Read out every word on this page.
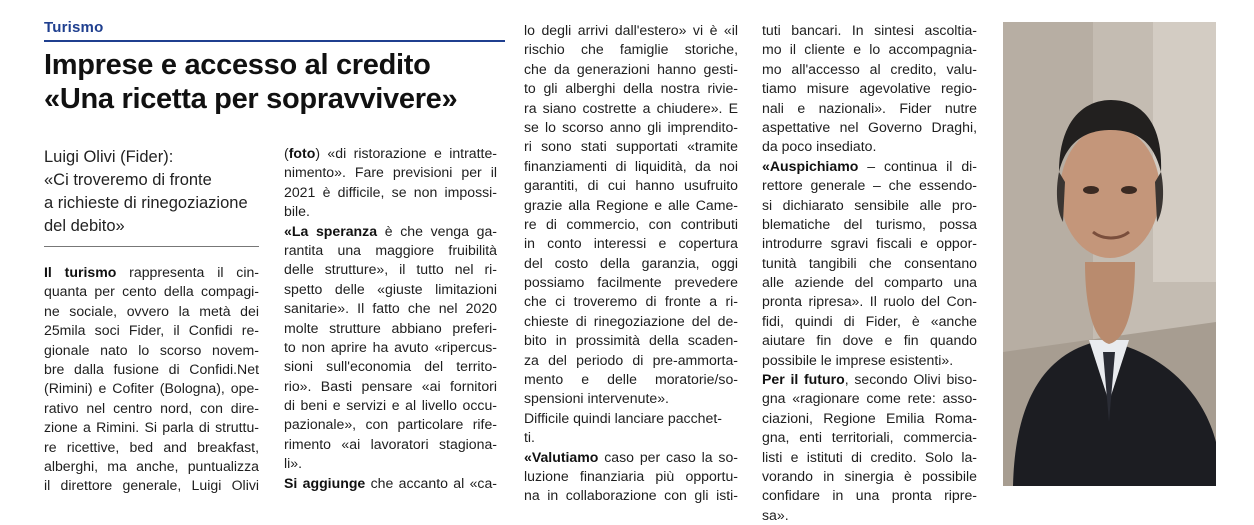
Turismo
Imprese e accesso al credito
«Una ricetta per sopravvivere»
Luigi Olivi (Fider):
«Ci troveremo di fronte
a richieste di rinegoziazione
del debito»
Il turismo rappresenta il cin-
quanta per cento della compagi-
ne sociale, ovvero la metà dei
25mila soci Fider, il Confidi re-
gionale nato lo scorso novem-
bre dalla fusione di Confidi.Net
(Rimini) e Cofiter (Bologna), ope-
rativo nel centro nord, con dire-
zione a Rimini. Si parla di struttu-
re ricettive, bed and breakfast,
alberghi, ma anche, puntualizza
il direttore generale, Luigi Olivi
(foto) «di ristorazione e intratte-
nimento». Fare previsioni per il
2021 è difficile, se non impossi-
bile.
«La speranza è che venga ga-
rantita una maggiore fruibilità
delle strutture», il tutto nel ri-
spetto delle «giuste limitazioni
sanitarie». Il fatto che nel 2020
molte strutture abbiano preferi-
to non aprire ha avuto «ripercus-
sioni sull'economia del territo-
rio». Basti pensare «ai fornitori
di beni e servizi e al livello occu-
pazionale», con particolare rife-
rimento «ai lavoratori stagiona-
li».
Si aggiunge che accanto al «ca-
lo degli arrivi dall'estero» vi è «il
rischio che famiglie storiche,
che da generazioni hanno gesti-
to gli alberghi della nostra rivie-
ra siano costrette a chiudere». E
se lo scorso anno gli imprendito-
ri sono stati supportati «tramite
finanziamenti di liquidità, da noi
garantiti, di cui hanno usufruito
grazie alla Regione e alle Came-
re di commercio, con contributi
in conto interessi e copertura
del costo della garanzia, oggi
possiamo facilmente prevedere
che ci troveremo di fronte a ri-
chieste di rinegoziazione del de-
bito in prossimità della scaden-
za del periodo di pre-ammorta-
mento e delle moratorie/so-
spensioni intervenute».
Difficile quindi lanciare pacchet-
ti.
«Valutiamo caso per caso la so-
luzione finanziaria più opportu-
na in collaborazione con gli isti-
tuti bancari. In sintesi ascoltia-
mo il cliente e lo accompagnia-
mo all'accesso al credito, valu-
tiamo misure agevolative regio-
nali e nazionali». Fider nutre
aspettative nel Governo Draghi,
da poco insediato.
«Auspichiamo – continua il di-
rettore generale – che essendo-
si dichiarato sensibile alle pro-
blematiche del turismo, possa
introdurre sgravi fiscali e oppor-
tunità tangibili che consentano
alle aziende del comparto una
pronta ripresa». Il ruolo del Con-
fidi, quindi di Fider, è «anche
aiutare fin dove e fin quando
possibile le imprese esistenti».
Per il futuro, secondo Olivi biso-
gna «ragionare come rete: asso-
ciazioni, Regione Emilia Roma-
gna, enti territoriali, commercia-
listi e istituti di credito. Solo la-
vorando in sinergia è possibile
confidare in una pronta ripre-
sa».
